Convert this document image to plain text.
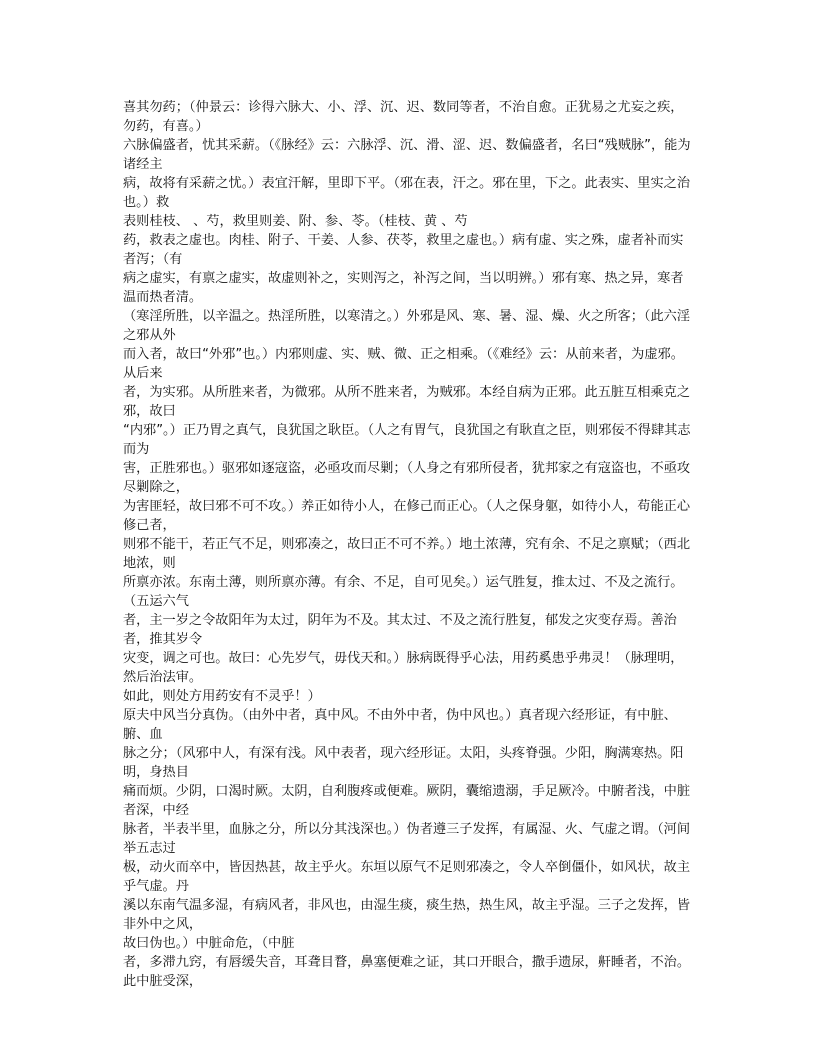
喜其勿药；（仲景云：诊得六脉大、小、浮、沉、迟、数同等者，不治自愈。正犹易之尤妄之疾，勿药，有喜。）

六脉偏盛者，忧其采薪。（《脉经》云：六脉浮、沉、滑、涩、迟、数偏盛者，名曰“残贼脉”，能为诸经主

病，故将有采薪之忧。）表宜汗解，里即下平。（邪在表，汗之。邪在里，下之。此表实、里实之治也。）救

表则桂枝、 、芍，救里则姜、附、参、苓。（桂枝、黄 、芍

药，救表之虚也。肉桂、附子、干姜、人参、茯苓，救里之虚也。）病有虚、实之殊，虚者补而实者泻；（有

病之虚实，有禀之虚实，故虚则补之，实则泻之，补泻之间，当以明辨。）邪有寒、热之异，寒者温而热者清。

（寒淫所胜，以辛温之。热淫所胜，以寒清之。）外邪是风、寒、暑、湿、燥、火之所客；（此六淫之邪从外

而入者，故曰“外邪”也。）内邪则虚、实、贼、微、正之相乘。（《难经》云：从前来者，为虚邪。从后来

者，为实邪。从所胜来者，为微邪。从所不胜来者，为贼邪。本经自病为正邪。此五脏互相乘克之邪，故曰

“内邪”。）正乃胃之真气，良犹国之耿臣。（人之有胃气，良犹国之有耿直之臣，则邪佞不得肆其志而为

害，正胜邪也。）驱邪如逐寇盗，必亟攻而尽剿；（人身之有邪所侵者，犹邦家之有寇盗也，不亟攻尽剿除之，

为害匪轻，故曰邪不可不攻。）养正如待小人，在修己而正心。（人之保身躯，如待小人，苟能正心修己者，

则邪不能干，若正气不足，则邪凑之，故曰正不可不养。）地土浓薄，究有余、不足之禀赋；（西北地浓，则

所禀亦浓。东南土薄，则所禀亦薄。有余、不足，自可见矣。）运气胜复，推太过、不及之流行。（五运六气

者，主一岁之令故阳年为太过，阴年为不及。其太过、不及之流行胜复，郁发之灾变存焉。善治者，推其岁令

灾变，调之可也。故曰：心先岁气，毋伐天和。）脉病既得乎心法，用药奚患乎弗灵！（脉理明，然后治法审。

如此，则处方用药安有不灵乎！）

原夫中风当分真伪。（由外中者，真中风。不由外中者，伪中风也。）真者现六经形证，有中脏、腑、血

脉之分；（风邪中人，有深有浅。风中表者，现六经形证。太阳，头疼脊强。少阳，胸满寒热。阳明，身热目

痛而烦。少阴，口渴时厥。太阴，自利腹疼或便难。厥阴，囊缩遗溺，手足厥冷。中腑者浅，中脏者深，中经

脉者，半表半里，血脉之分，所以分其浅深也。）伪者遵三子发挥，有属湿、火、气虚之谓。（河间举五志过

极，动火而卒中，皆因热甚，故主乎火。东垣以原气不足则邪凑之，令人卒倒僵仆，如风状，故主乎气虚。丹

溪以东南气温多湿，有病风者，非风也，由湿生痰，痰生热，热生风，故主乎湿。三子之发挥，皆非外中之风，

故曰伪也。）中脏命危，（中脏

者，多滞九窍，有唇缓失音，耳聋目瞀，鼻塞便难之证，其口开眼合，撒手遗尿，鼾睡者，不治。此中脏受深，
